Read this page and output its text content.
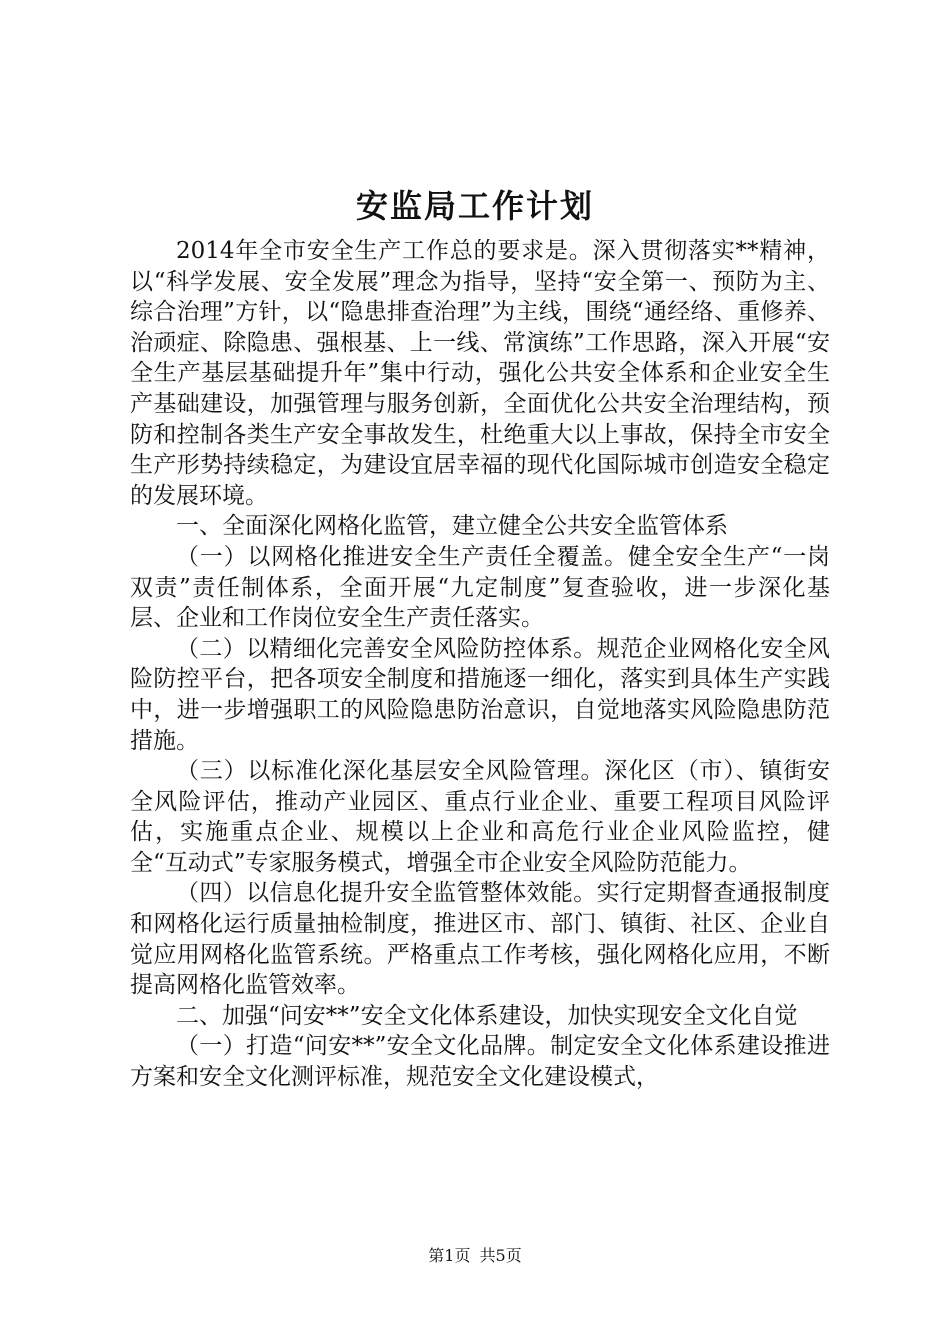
安监局工作计划

2014年全市安全生产工作总的要求是。深入贯彻落实**精神，以“科学发展、安全发展”理念为指导，坚持“安全第一、预防为主、综合治理”方针，以“隐患排查治理”为主线，围绕“通经络、重修养、治顽症、除隐患、强根基、上一线、常演练”工作思路，深入开展“安全生产基层基础提升年”集中行动，强化公共安全体系和企业安全生产基础建设，加强管理与服务创新，全面优化公共安全治理结构，预防和控制各类生产安全事故发生，杜绝重大以上事故，保持全市安全生产形势持续稳定，为建设宜居幸福的现代化国际城市创造安全稳定的发展环境。

一、全面深化网格化监管，建立健全公共安全监管体系

（一）以网格化推进安全生产责任全覆盖。健全安全生产“一岗双责”责任制体系，全面开展“九定制度”复查验收，进一步深化基层、企业和工作岗位安全生产责任落实。

（二）以精细化完善安全风险防控体系。规范企业网格化安全风险防控平台，把各项安全制度和措施逐一细化，落实到具体生产实践中，进一步增强职工的风险隐患防治意识，自觉地落实风险隐患防范措施。

（三）以标准化深化基层安全风险管理。深化区（市）、镇街安全风险评估，推动产业园区、重点行业企业、重要工程项目风险评估，实施重点企业、规模以上企业和高危行业企业风险监控，健全“互动式”专家服务模式，增强全市企业安全风险防范能力。

（四）以信息化提升安全监管整体效能。实行定期督查通报制度和网格化运行质量抽检制度，推进区市、部门、镇街、社区、企业自觉应用网格化监管系统。严格重点工作考核，强化网格化应用，不断提高网格化监管效率。

二、加强“问安**”安全文化体系建设，加快实现安全文化自觉

（一）打造“问安**”安全文化品牌。制定安全文化体系建设推进方案和安全文化测评标准，规范安全文化建设模式，

第1页 共5页
